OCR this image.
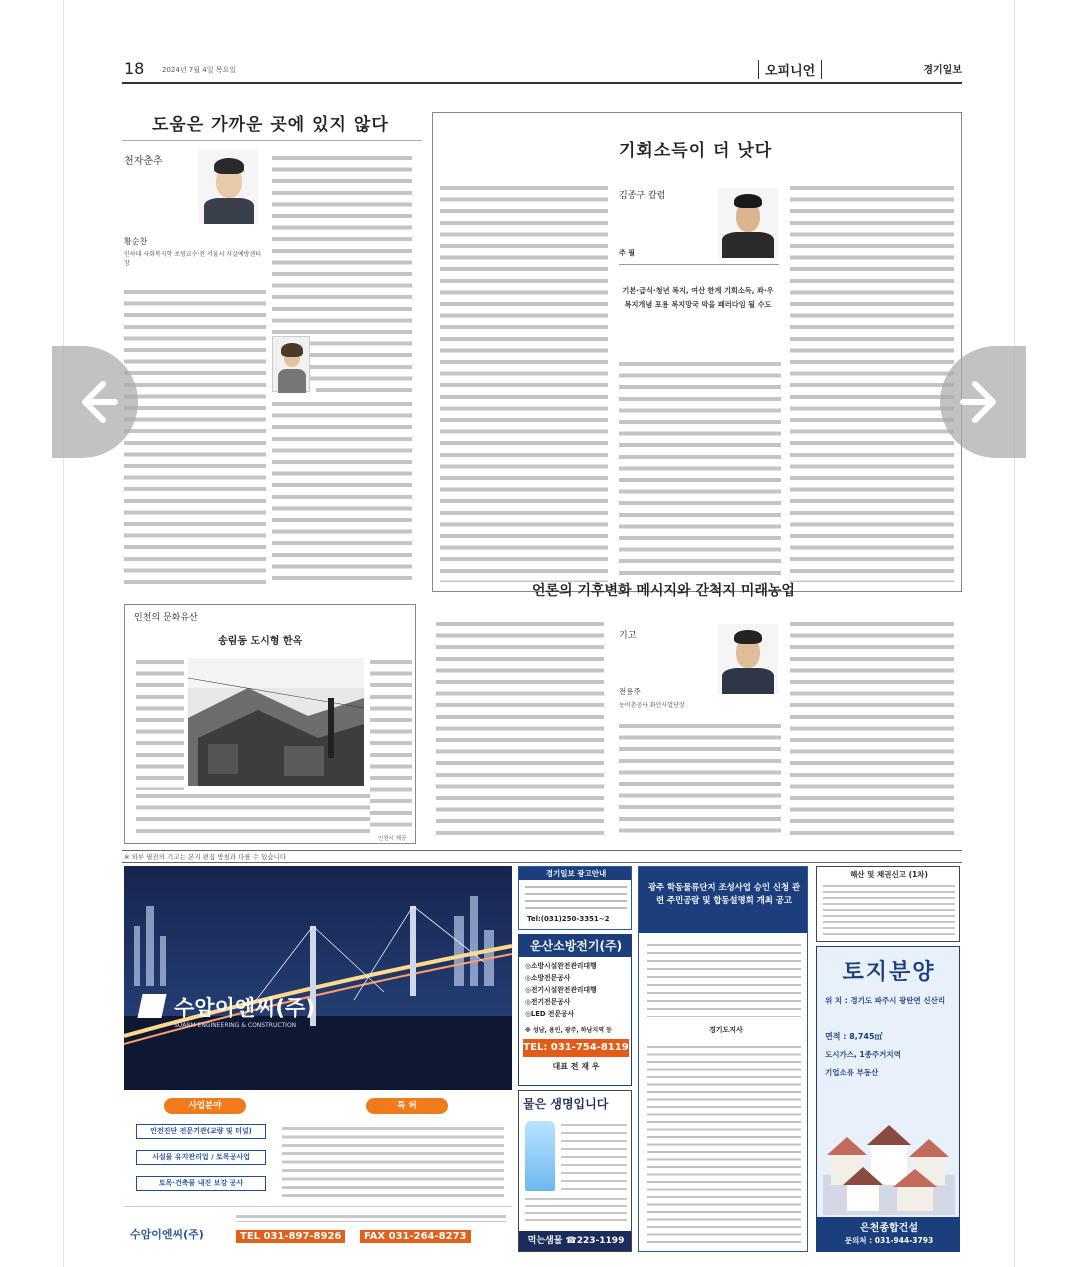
18	2024년 7월 4일 목요일	오피니언	경기일보
도움은 가까운 곳에 있지 않다
천자춘추
황순찬
인하대 사회복지학 초빙교수·전 서울시 자살예방센터장
기회소득이 더 낫다
김종구 칼럼
주 필
기본·급식·청년 복지, 여산 한계 기회소득, 좌·우 복지개념 포용 복지망국 막을 패러다임 될 수도
인천의 문화유산
송림동 도시형 한옥
인천시 제공
언론의 기후변화 메시지와 간척지 미래농업
기고
전용주
농어촌공사 화안사업단장
※ 외부 필진의 기고는 본지 편집 방침과 다를 수 있습니다
수암이엔씨(주)
SUARM ENGINEERING & CONSTRUCTION
사업분야	특 허
안전진단 전문기관(교량 및 터널)
시설물 유지관리업 / 토목공사업
토목·건축물 내진 보강 공사
수암이엔씨(주)	TEL 031-897-8926	FAX 031-264-8273
경기일보 광고안내
Tel:(031)250-3351~2
운산소방전기(주)
◎소방시설완전관리대행
◎소방전문공사
◎전기시설완전관리대행
◎전기전문공사
◎LED 전문공사
※ 성남, 용인, 광주, 하남지역 등
TEL: 031-754-8119
대표 전 재 우
물은 생명입니다
먹는샘물 ☎223-1199
광주 학동물류단지 조성사업 승인 신청 관련 주민공람 및 합동설명회 개최 공고
경기도지사
해산 및 채권신고 (1차)
토지분양
위 치 : 경기도 파주시 광탄면 신산리
면적 : 8,745㎡
도시가스, 1종주거지역
기업소유 부동산
은천종합건설
문의처 : 031-944-3793
